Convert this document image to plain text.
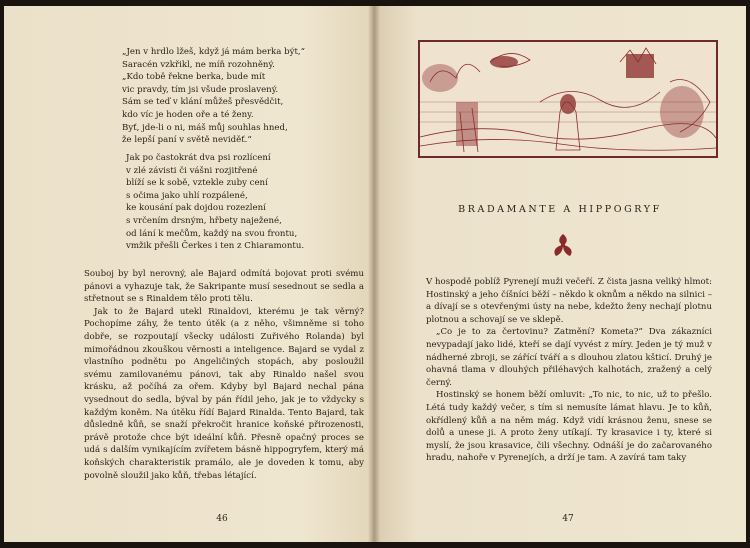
„Jen v hrdlo lžeš, když já mám berka být,“
Saracén vzkřikl, ne míň rozohněný.
„Kdo tobě řekne berka, bude mít
vic pravdy, tím jsi všude proslavený.
Sám se teď v klání můžeš přesvědčit,
kdo víc je hoden oře a té ženy.
Byť, jde-li o ni, máš můj souhlas hned,
že lepší paní v světě neviděť.“
Jak po častokrát dva psi rozlícení
v zlé závisti či vášni rozjitřené
blíží se k sobě, vztekle zuby cení
s očima jako uhlí rozpálené,
ke kousání pak dojdou rozezlení
s vrčením drsným, hřbety naježené,
od lání k mečům, každý na svou frontu,
vmžik přešli Čerkes i ten z Chiaramontu.

Souboj by byl nerovný, ale Bajard odmítá bojovat proti svému pánovi a vyhazuje tak, že Sakripante musí sesednout se sedla a střetnout se s Rinaldem tělo proti tělu.

Jak to že Bajard utekl Rinaldovi, kterému je tak věrný? Pochopíme záhy, že tento útěk (a z něho, všimněme si toho dobře, se rozpoutají všecky události Zuřivého Rolanda) byl mimořádnou zkouškou věrnosti a inteligence. Bajard se vydal z vlastního podnětu po Angeličiných stopách, aby posloužil svému zamilovanému pánovi, tak aby Rinaldo našel svou krásku, až počíhá za ořem. Kdyby byl Bajard nechal pána vysednout do sedla, býval by pán řídil jeho, jak je to vždycky s každým koněm. Na útěku řídí Bajard Rinalda. Tento Bajard, tak důsledně kůň, se snaží překročit hranice koňské přirozenosti, právě protože chce být ideální kůň. Přesně opačný proces se udá s dalším vynikajícím zvířetem básně hippogryfem, který má koňských charakteristik pramálo, ale je doveden k tomu, aby povolně sloužil jako kůň, třebas létající.

46
BRADAMANTE A HIPPOGRYF

V hospodě poblíž Pyrenejí muži večeří. Z čista jasna veliký hlmot: Hostinský a jeho číšníci běží – někdo k oknům a někdo na silnici – a dívají se s otevřenými ústy na nebe, kdežto ženy nechají plotnu plotnou a schovají se ve sklepě.

„Co je to za čertovinu? Zatmění? Kometa?“ Dva zákazníci nevypadají jako lidé, kteří se dají vyvést z míry. Jeden je tý muž v nádherné zbroji, se zářící tváří a s dlouhou zlatou kšticí. Druhý je ohavná tlama v dlouhých přiléhavých kalhotách, zražený a celý černý.

Hostinský se honem běží omluvit: „To nic, to nic, už to přešlo. Létá tudy každý večer, s tím si nemusíte lámat hlavu. Je to kůň, okřídlený kůň a na něm mág. Když vidí krásnou ženu, snese se dolů a unese ji. A proto ženy utíkají. Ty krasavice i ty, které si myslí, že jsou krasavice, čili všechny. Odnáší je do začarovaného hradu, nahoře v Pyrenejích, a drží je tam. A zavírá tam taky

47
